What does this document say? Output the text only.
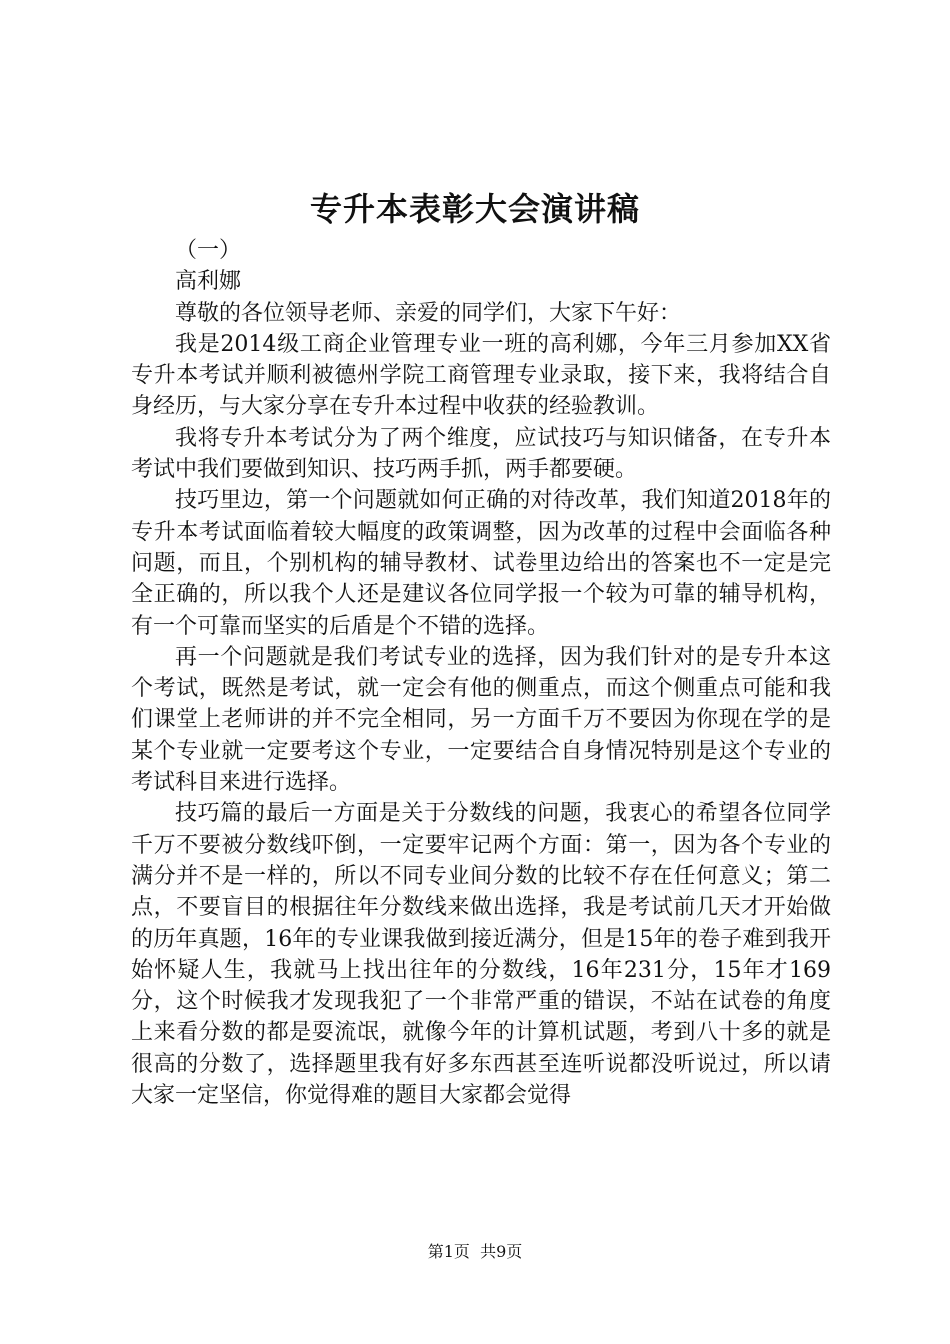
专升本表彰大会演讲稿

（一）

高利娜

尊敬的各位领导老师、亲爱的同学们，大家下午好：

我是2014级工商企业管理专业一班的高利娜，今年三月参加XX省专升本考试并顺利被德州学院工商管理专业录取，接下来，我将结合自身经历，与大家分享在专升本过程中收获的经验教训。

我将专升本考试分为了两个维度，应试技巧与知识储备，在专升本考试中我们要做到知识、技巧两手抓，两手都要硬。

技巧里边，第一个问题就如何正确的对待改革，我们知道2018年的专升本考试面临着较大幅度的政策调整，因为改革的过程中会面临各种问题，而且，个别机构的辅导教材、试卷里边给出的答案也不一定是完全正确的，所以我个人还是建议各位同学报一个较为可靠的辅导机构，有一个可靠而坚实的后盾是个不错的选择。

再一个问题就是我们考试专业的选择，因为我们针对的是专升本这个考试，既然是考试，就一定会有他的侧重点，而这个侧重点可能和我们课堂上老师讲的并不完全相同，另一方面千万不要因为你现在学的是某个专业就一定要考这个专业，一定要结合自身情况特别是这个专业的考试科目来进行选择。

技巧篇的最后一方面是关于分数线的问题，我衷心的希望各位同学千万不要被分数线吓倒，一定要牢记两个方面：第一，因为各个专业的满分并不是一样的，所以不同专业间分数的比较不存在任何意义；第二点，不要盲目的根据往年分数线来做出选择，我是考试前几天才开始做的历年真题，16年的专业课我做到接近满分，但是15年的卷子难到我开始怀疑人生，我就马上找出往年的分数线，16年231分，15年才169分，这个时候我才发现我犯了一个非常严重的错误，不站在试卷的角度上来看分数的都是耍流氓，就像今年的计算机试题，考到八十多的就是很高的分数了，选择题里我有好多东西甚至连听说都没听说过，所以请大家一定坚信，你觉得难的题目大家都会觉得

第1页  共9页
